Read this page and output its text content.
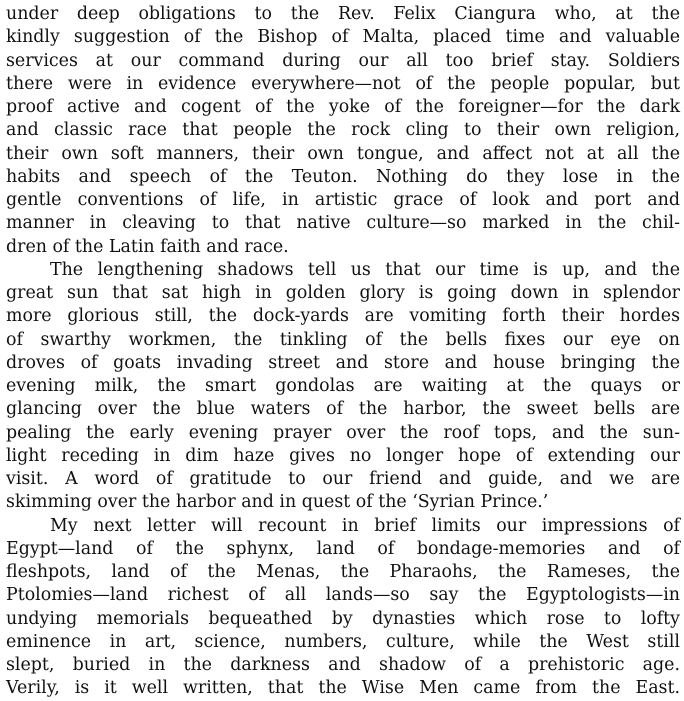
under deep obligations to the Rev. Felix Ciangura who, at the
kindly suggestion of the Bishop of Malta, placed time and valuable
services at our command during our all too brief stay. Soldiers
there were in evidence everywhere—not of the people popular, but
proof active and cogent of the yoke of the foreigner—for the dark
and classic race that people the rock cling to their own religion,
their own soft manners, their own tongue, and affect not at all the
habits and speech of the Teuton. Nothing do they lose in the
gentle conventions of life, in artistic grace of look and port and
manner in cleaving to that native culture—so marked in the chil-
dren of the Latin faith and race.
The lengthening shadows tell us that our time is up, and the
great sun that sat high in golden glory is going down in splendor
more glorious still, the dock-yards are vomiting forth their hordes
of swarthy workmen, the tinkling of the bells fixes our eye on
droves of goats invading street and store and house bringing the
evening milk, the smart gondolas are waiting at the quays or
glancing over the blue waters of the harbor, the sweet bells are
pealing the early evening prayer over the roof tops, and the sun-
light receding in dim haze gives no longer hope of extending our
visit. A word of gratitude to our friend and guide, and we are
skimming over the harbor and in quest of the ‘Syrian Prince.’
My next letter will recount in brief limits our impressions of
Egypt—land of the sphynx, land of bondage-memories and of
fleshpots, land of the Menas, the Pharaohs, the Rameses, the
Ptolomies—land richest of all lands—so say the Egyptologists—in
undying memorials bequeathed by dynasties which rose to lofty
eminence in art, science, numbers, culture, while the West still
slept, buried in the darkness and shadow of a prehistoric age.
Verily, is it well written, that the Wise Men came from the East.
